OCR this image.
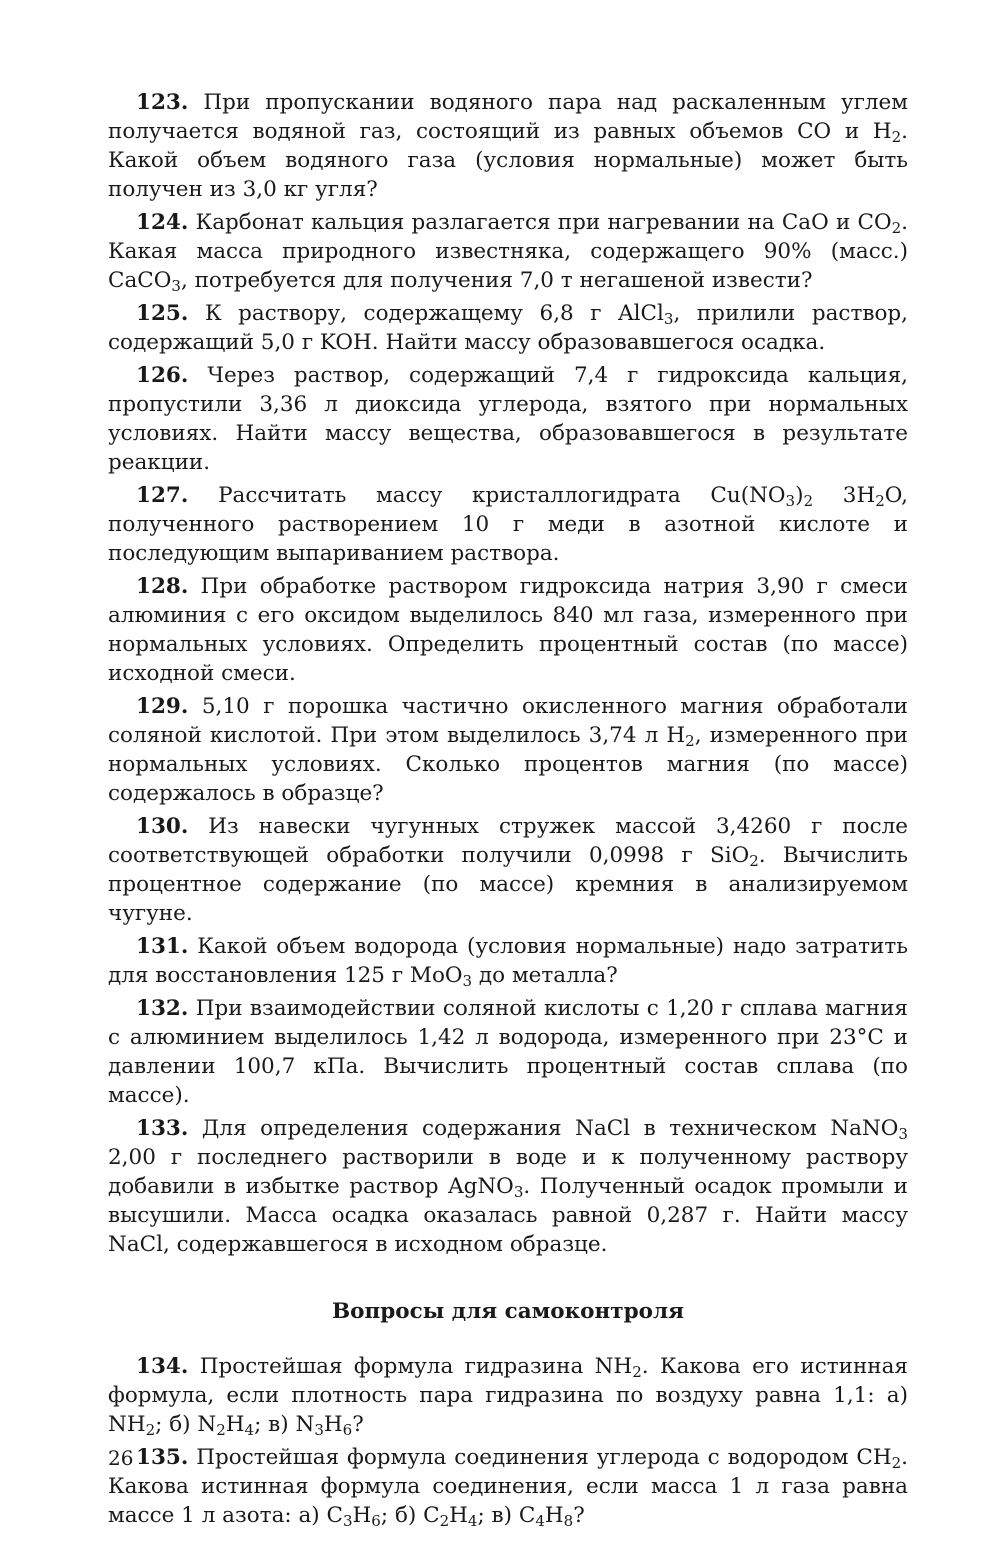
123. При пропускании водяного пара над раскаленным углем получается водяной газ, состоящий из равных объемов CO и $H_2$. Какой объем водяного газа (условия нормальные) может быть получен из 3,0 кг угля?

124. Карбонат кальция разлагается при нагревании на CaO и $CO_2$. Какая масса природного известняка, содержащего 90% (масс.) CaCO$_3$, потребуется для получения 7,0 т негашеной извести?

125. К раствору, содержащему 6,8 г AlCl$_3$, прилили раствор, содержащий 5,0 г KOH. Найти массу образовавшегося осадка.

126. Через раствор, содержащий 7,4 г гидроксида кальция, пропустили 3,36 л диоксида углерода, взятого при нормальных условиях. Найти массу вещества, образовавшегося в результате реакции.

127. Рассчитать массу кристаллогидрата $Cu(NO_3)_2$ $3H_2O$, полученного растворением 10 г меди в азотной кислоте и последующим выпариванием раствора.

128. При обработке раствором гидроксида натрия 3,90 г смеси алюминия с его оксидом выделилось 840 мл газа, измеренного при нормальных условиях. Определить процентный состав (по массе) исходной смеси.

129. 5,10 г порошка частично окисленного магния обработали соляной кислотой. При этом выделилось 3,74 л $H_2$, измеренного при нормальных условиях. Сколько процентов магния (по массе) содержалось в образце?

130. Из навески чугунных стружек массой 3,4260 г после соответствующей обработки получили 0,0998 г SiO$_2$. Вычислить процентное содержание (по массе) кремния в анализируемом чугуне.

131. Какой объем водорода (условия нормальные) надо затратить для восстановления 125 г MoO$_3$ до металла?

132. При взаимодействии соляной кислоты с 1,20 г сплава магния с алюминием выделилось 1,42 л водорода, измеренного при 23°C и давлении 100,7 кПа. Вычислить процентный состав сплава (по массе).

133. Для определения содержания NaCl в техническом NaNO$_3$ 2,00 г последнего растворили в воде и к полученному раствору добавили в избытке раствор AgNO$_3$. Полученный осадок промыли и высушили. Масса осадка оказалась равной 0,287 г. Найти массу NaCl, содержавшегося в исходном образце.

Вопросы для самоконтроля

134. Простейшая формула гидразина $NH_2$. Какова его истинная формула, если плотность пара гидразина по воздуху равна 1,1: а) $NH_2$; б) $N_2H_4$; в) $N_3H_6$?

135. Простейшая формула соединения углерода с водородом $CH_2$. Какова истинная формула соединения, если масса 1 л газа равна массе 1 л азота: а) $C_3H_6$; б) $C_2H_4$; в) $C_4H_8$?

26
